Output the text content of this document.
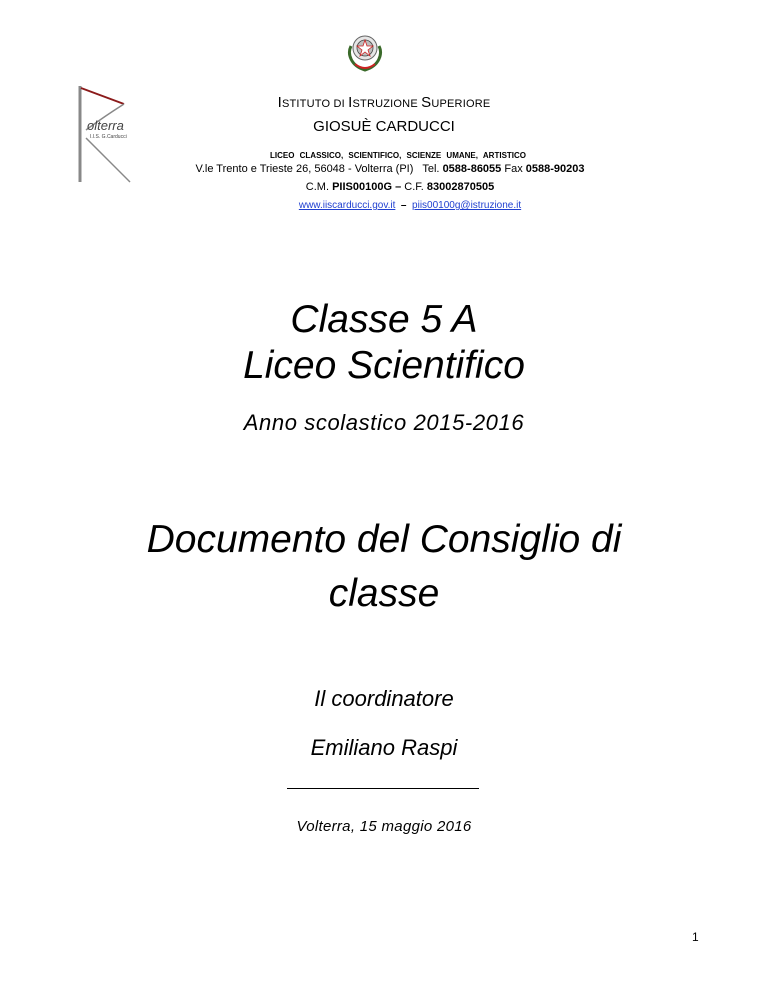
olterra
I.I.S. G.Carducci
ISTITUTO DI ISTRUZIONE SUPERIORE
GIOSUÈ CARDUCCI
LICEO CLASSICO, SCIENTIFICO, SCIENZE UMANE, ARTISTICO
V.le Trento e Trieste 26, 56048 - Volterra (PI) Tel. 0588-86055 Fax 0588-90203
C.M. PIIS00100G – C.F. 83002870505
www.iiscarducci.gov.it – piis00100g@istruzione.it
Classe 5 A
Liceo Scientifico
Anno scolastico 2015-2016
Documento del Consiglio di
classe
Il coordinatore
Emiliano Raspi
Volterra, 15 maggio 2016
1
